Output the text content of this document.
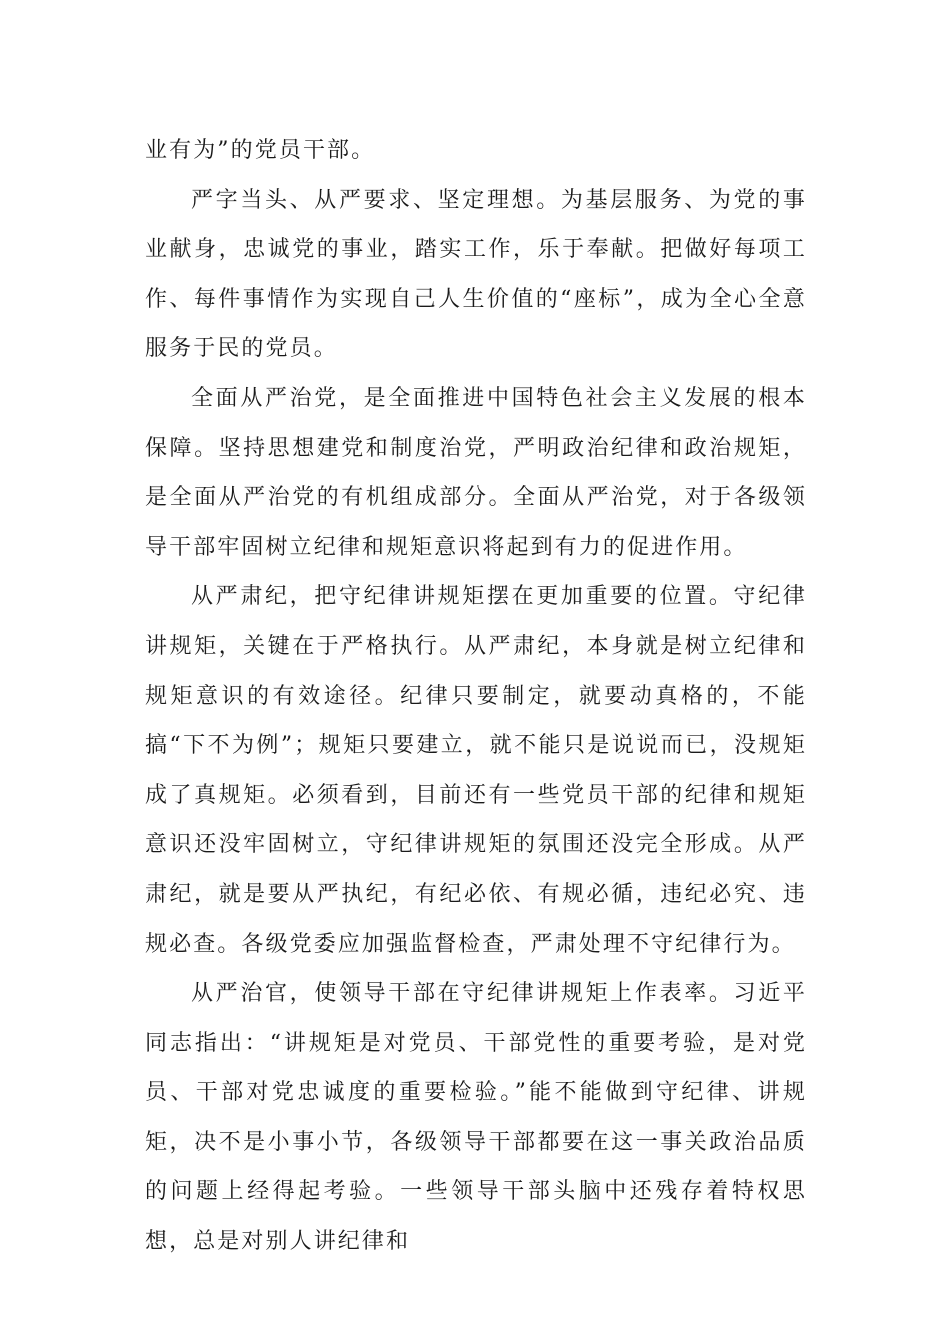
业有为”的党员干部。

严字当头、从严要求、坚定理想。为基层服务、为党的事业献身，忠诚党的事业，踏实工作，乐于奉献。把做好每项工作、每件事情作为实现自己人生价值的“座标”，成为全心全意服务于民的党员。

全面从严治党，是全面推进中国特色社会主义发展的根本保障。坚持思想建党和制度治党，严明政治纪律和政治规矩，是全面从严治党的有机组成部分。全面从严治党，对于各级领导干部牢固树立纪律和规矩意识将起到有力的促进作用。

从严肃纪，把守纪律讲规矩摆在更加重要的位置。守纪律讲规矩，关键在于严格执行。从严肃纪，本身就是树立纪律和规矩意识的有效途径。纪律只要制定，就要动真格的，不能搞“下不为例”；规矩只要建立，就不能只是说说而已，没规矩成了真规矩。必须看到，目前还有一些党员干部的纪律和规矩意识还没牢固树立，守纪律讲规矩的氛围还没完全形成。从严肃纪，就是要从严执纪，有纪必依、有规必循，违纪必究、违规必查。各级党委应加强监督检查，严肃处理不守纪律行为。

从严治官，使领导干部在守纪律讲规矩上作表率。习近平同志指出：“讲规矩是对党员、干部党性的重要考验，是对党员、干部对党忠诚度的重要检验。”能不能做到守纪律、讲规矩，决不是小事小节，各级领导干部都要在这一事关政治品质的问题上经得起考验。一些领导干部头脑中还残存着特权思想，总是对别人讲纪律和
